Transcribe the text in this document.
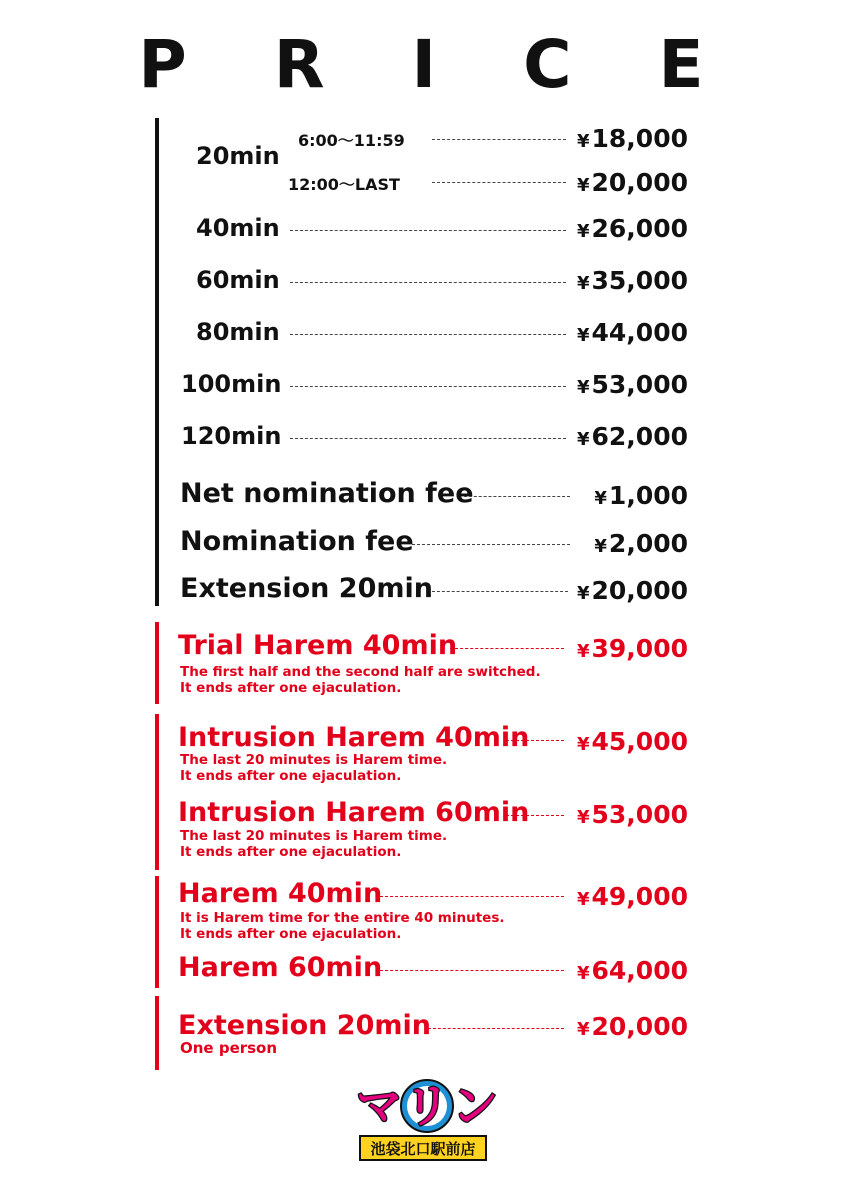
P R I C E
20min
6:00～11:59	¥18,000
12:00～LAST	¥20,000
40min	¥26,000
60min	¥35,000
80min	¥44,000
100min	¥53,000
120min	¥62,000
Net nomination fee	¥1,000
Nomination fee	¥2,000
Extension 20min	¥20,000
Trial Harem 40min	¥39,000
The first half and the second half are switched.
It ends after one ejaculation.
Intrusion Harem 40min	¥45,000
The last 20 minutes is Harem time.
It ends after one ejaculation.
Intrusion Harem 60min	¥53,000
The last 20 minutes is Harem time.
It ends after one ejaculation.
Harem 40min	¥49,000
It is Harem time for the entire 40 minutes.
It ends after one ejaculation.
Harem 60min	¥64,000
Extension 20min	¥20,000
One person
マリン
池袋北口駅前店
